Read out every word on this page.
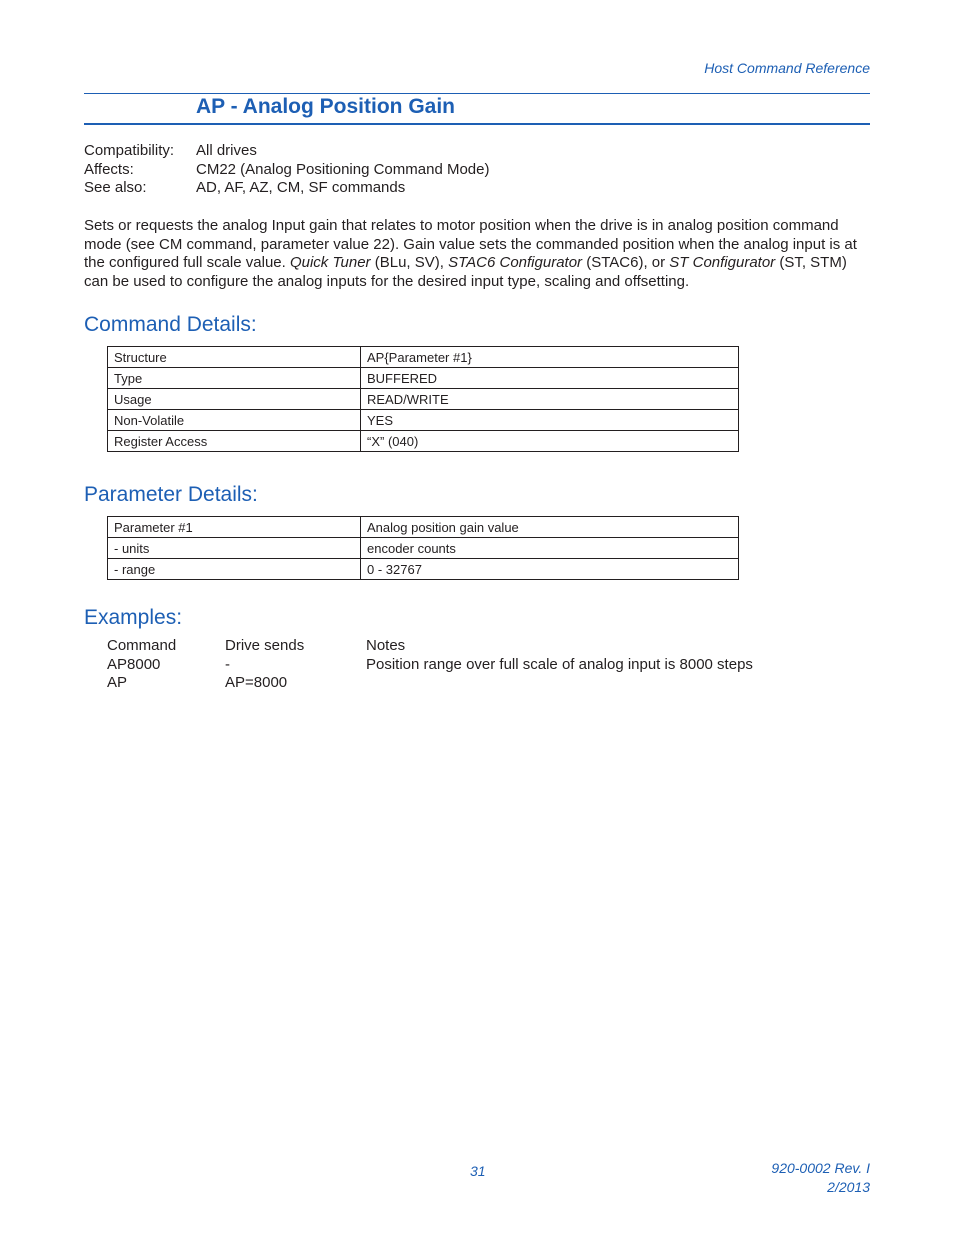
Host Command Reference
AP - Analog Position Gain
Compatibility:	All drives
Affects:	CM22 (Analog Positioning Command Mode)
See also:	AD, AF, AZ, CM, SF commands
Sets or requests the analog Input gain that relates to motor position when the drive is in analog position command mode (see CM command, parameter value 22). Gain value sets the commanded position when the analog input is at the configured full scale value. Quick Tuner (BLu, SV), STAC6 Configurator (STAC6), or ST Configurator (ST, STM) can be used to configure the analog inputs for the desired input type, scaling and offsetting.
Command Details:
Structure	AP{Parameter #1}
Type	BUFFERED
Usage	READ/WRITE
Non-Volatile	YES
Register Access	“X” (040)
Parameter Details:
Parameter #1	Analog position gain value
- units	encoder counts
- range	0 - 32767
Examples:
Command	Drive sends	Notes
AP8000	-	Position range over full scale of analog input is 8000 steps
AP	AP=8000
31	920-0002 Rev. I
2/2013
